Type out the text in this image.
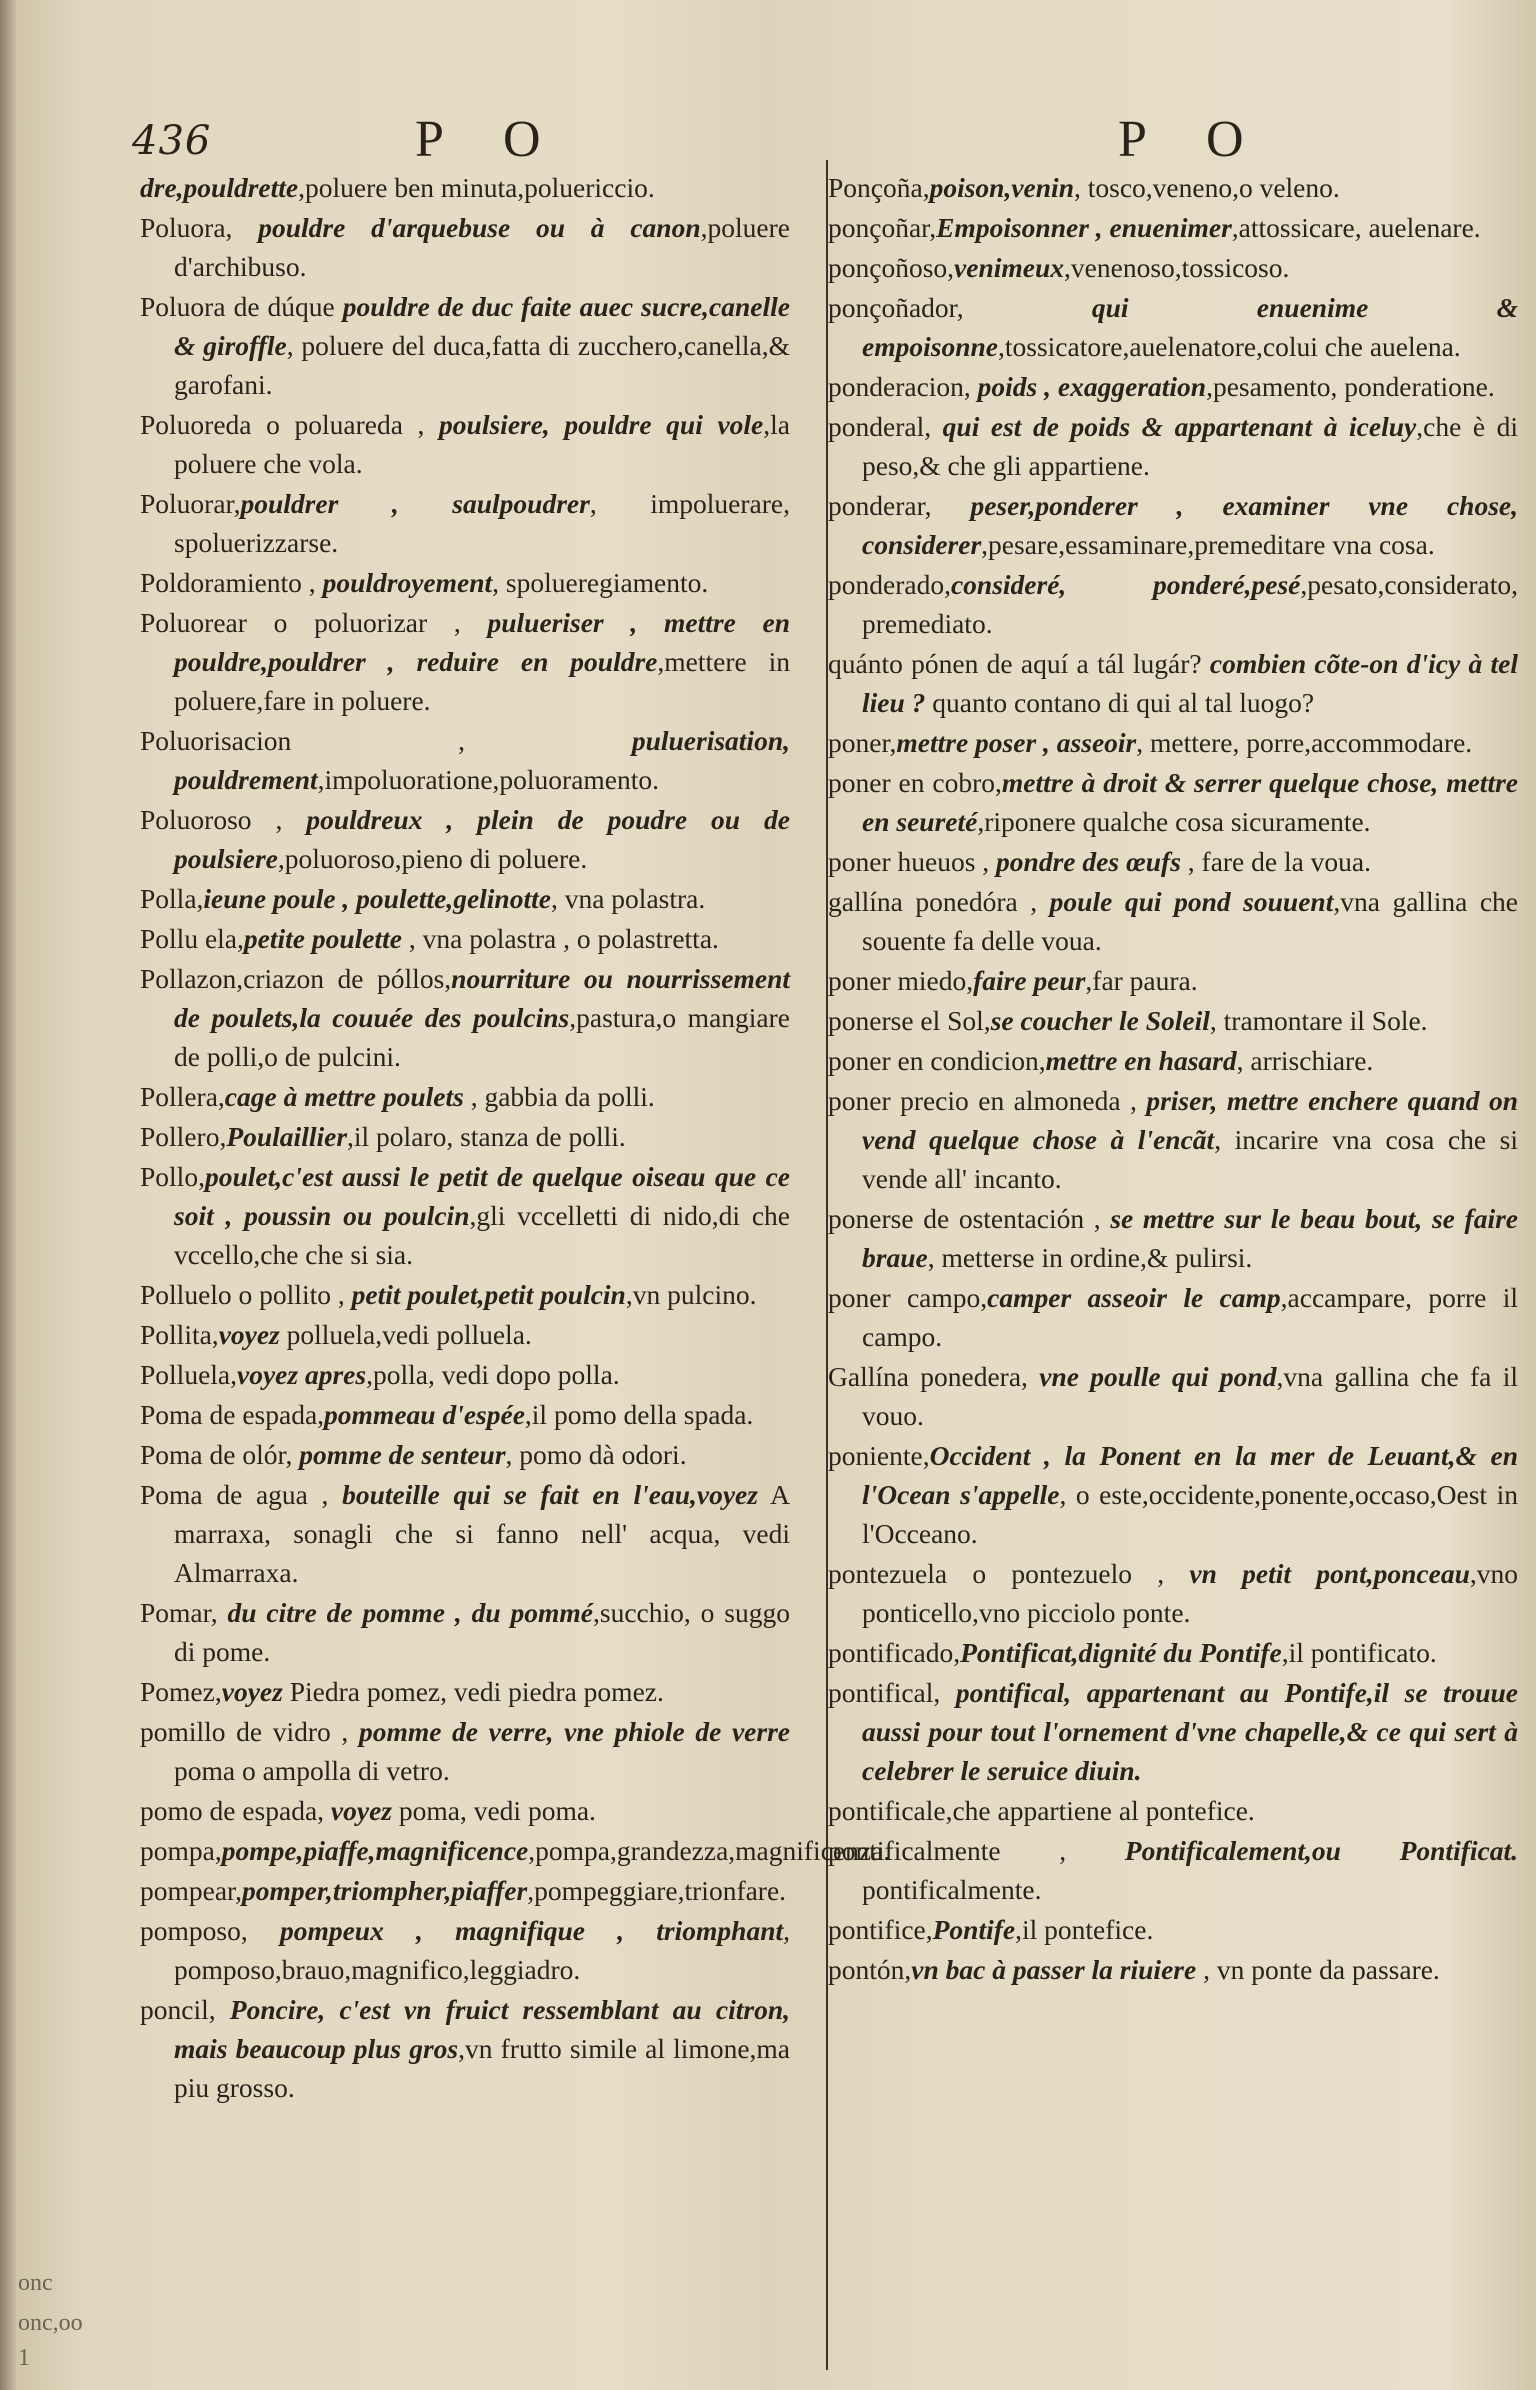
436	P O	P O

dre,pouldrette,poluere ben minuta,poluericcio.

Poluora, pouldre d'arquebuse ou à canon,poluere d'archibuso.

Poluora de dúque pouldre de duc faite auec sucre,canelle & giroffle, poluere del duca,fatta di zucchero,canella,& garofani.

Poluoreda o poluareda , poulsiere, pouldre qui vole,la poluere che vola.

Poluorar,pouldrer , saulpoudrer, impoluerare, spoluerizzarse.

Poldoramiento , pouldroyement, spolueregiamento.

Poluorear o poluorizar , pulueriser , mettre en pouldre,pouldrer , reduire en pouldre,mettere in poluere,fare in poluere.

Poluorisacion , puluerisation, pouldrement,impoluoratione,poluoramento.

Poluoroso , pouldreux , plein de poudre ou de poulsiere,poluoroso,pieno di poluere.

Polla,ieune poule , poulette,gelinotte, vna polastra.

Pollu ela,petite poulette , vna polastra , o polastretta.

Pollazon,criazon de póllos,nourriture ou nourrissement de poulets,la couuée des poulcins,pastura,o mangiare de polli,o de pulcini.

Pollera,cage à mettre poulets , gabbia da polli.

Pollero,Poulaillier,il polaro, stanza de polli.

Pollo,poulet,c'est aussi le petit de quelque oiseau que ce soit , poussin ou poulcin,gli vccelletti di nido,di che vccello,che che si sia.

Polluelo o pollito , petit poulet,petit poulcin,vn pulcino.

Pollita,voyez polluela,vedi polluela.

Polluela,voyez apres,polla, vedi dopo polla.

Poma de espada,pommeau d'espée,il pomo della spada.

Poma de olór, pomme de senteur, pomo dà odori.

Poma de agua , bouteille qui se fait en l'eau,voyez A marraxa, sonagli che si fanno nell' acqua, vedi Almarraxa.

Pomar, du citre de pomme , du pommé,succhio, o suggo di pome.

Pomez,voyez Piedra pomez, vedi piedra pomez.

pomillo de vidro , pomme de verre, vne phiole de verre poma o ampolla di vetro.

pomo de espada, voyez poma, vedi poma.

pompa,pompe,piaffe,magnificence,pompa,grandezza,magnificenza.

pompear,pomper,triompher,piaffer,pompeggiare,trionfare.

pomposo, pompeux , magnifique , triomphant, pomposo,brauo,magnifico,leggiadro.

poncil, Poncire, c'est vn fruict ressemblant au citron, mais beaucoup plus gros,vn frutto simile al limone,ma piu grosso.

Ponçoña,poison,venin, tosco,veneno,o veleno.

ponçoñar,Empoisonner , enuenimer,attossicare, auelenare.

ponçoñoso,venimeux,venenoso,tossicoso.

ponçoñador, qui enuenime & empoisonne,tossicatore,auelenatore,colui che auelena.

ponderacion, poids , exaggeration,pesamento, ponderatione.

ponderal, qui est de poids & appartenant à iceluy,che è di peso,& che gli appartiene.

ponderar, peser,ponderer , examiner vne chose, considerer,pesare,essaminare,premeditare vna cosa.

ponderado,consideré, ponderé,pesé,pesato,considerato, premediato.

quánto pónen de aquí a tál lugár? combien cõte-on d'icy à tel lieu ? quanto contano di qui al tal luogo?

poner,mettre poser , asseoir, mettere, porre,accommodare.

poner en cobro,mettre à droit & serrer quelque chose, mettre en seureté,riponere qualche cosa sicuramente.

poner hueuos , pondre des œufs , fare de la voua.

gallína ponedóra , poule qui pond souuent,vna gallina che souente fa delle voua.

poner miedo,faire peur,far paura.

ponerse el Sol,se coucher le Soleil, tramontare il Sole.

poner en condicion,mettre en hasard, arrischiare.

poner precio en almoneda , priser, mettre enchere quand on vend quelque chose à l'encãt, incarire vna cosa che si vende all' incanto.

ponerse de ostentación , se mettre sur le beau bout, se faire braue, metterse in ordine,& pulirsi.

poner campo,camper asseoir le camp,accampare, porre il campo.

Gallína ponedera, vne poulle qui pond,vna gallina che fa il vouo.

poniente,Occident , la Ponent en la mer de Leuant,& en l'Ocean s'appelle, o este,occidente,ponente,occaso,Oest in l'Occeano.

pontezuela o pontezuelo , vn petit pont,ponceau,vno ponticello,vno picciolo ponte.

pontificado,Pontificat,dignité du Pontife,il pontificato.

pontifical, pontifical, appartenant au Pontife,il se trouue aussi pour tout l'ornement d'vne chapelle,& ce qui sert à celebrer le seruice diuin.

pontificale,che appartiene al pontefice.

pontificalmente , Pontificalement,ou Pontificat. pontificalmente.

pontifice,Pontife,il pontefice.

pontón,vn bac à passer la riuiere , vn ponte da passare.

onc
onc,oo
1
